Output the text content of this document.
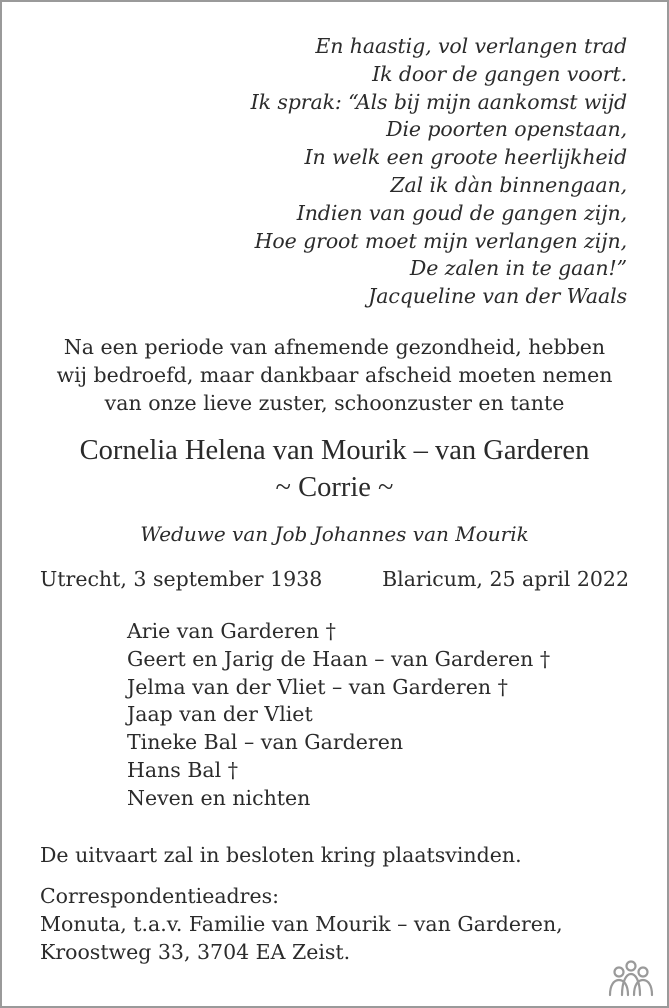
En haastig, vol verlangen trad
Ik door de gangen voort.
Ik sprak: “Als bij mijn aankomst wijd
Die poorten openstaan,
In welk een groote heerlijkheid
Zal ik dàn binnengaan,
Indien van goud de gangen zijn,
Hoe groot moet mijn verlangen zijn,
De zalen in te gaan!”
Jacqueline van der Waals
Na een periode van afnemende gezondheid, hebben
wij bedroefd, maar dankbaar afscheid moeten nemen
van onze lieve zuster, schoonzuster en tante
Cornelia Helena van Mourik – van Garderen
~ Corrie ~
Weduwe van Job Johannes van Mourik
Utrecht, 3 september 1938	Blaricum, 25 april 2022
Arie van Garderen †
Geert en Jarig de Haan – van Garderen †
Jelma van der Vliet – van Garderen †
Jaap van der Vliet
Tineke Bal – van Garderen
Hans Bal †
Neven en nichten
De uitvaart zal in besloten kring plaatsvinden.
Correspondentieadres:
Monuta, t.a.v. Familie van Mourik – van Garderen,
Kroostweg 33, 3704 EA Zeist.
